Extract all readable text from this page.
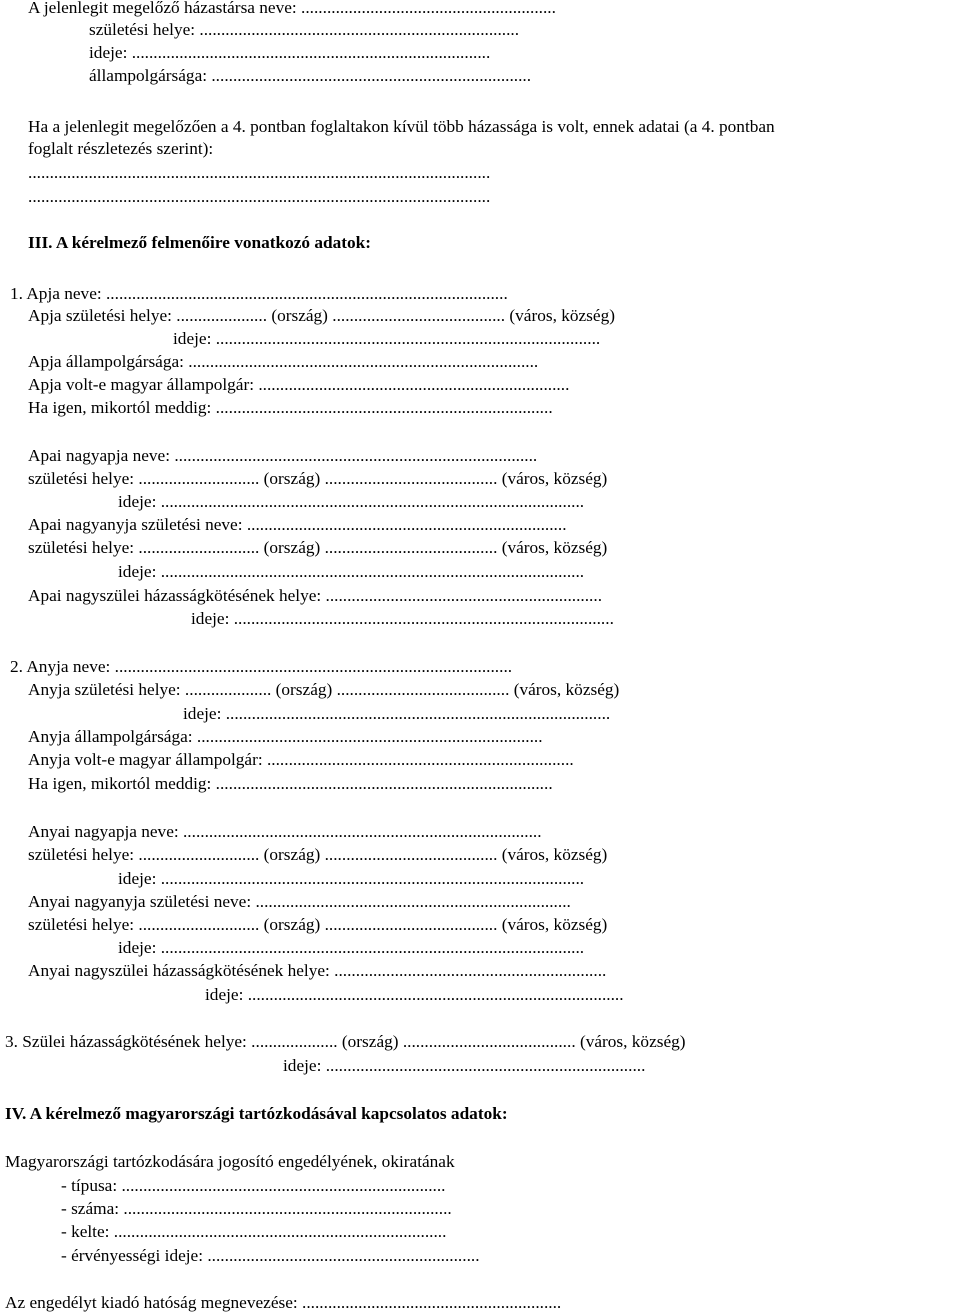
A jelenlegit megelőző házastársa neve: ...........................................................
születési helye: ..........................................................................
ideje: ...................................................................................
állampolgársága: ..........................................................................
Ha a jelenlegit megelőzően a 4. pontban foglaltakon kívül több házassága is volt, ennek adatai (a 4. pontban
foglalt részletezés szerint):
...........................................................................................................
...........................................................................................................
III. A kérelmező felmenőire vonatkozó adatok:
1. Apja neve: .............................................................................................
Apja születési helye: ..................... (ország) ........................................ (város, község)
ideje: .........................................................................................
Apja állampolgársága: .................................................................................
Apja volt-e magyar állampolgár: ........................................................................
Ha igen, mikortól meddig: ..............................................................................
Apai nagyapja neve: ....................................................................................
születési helye: ............................ (ország) ........................................ (város, község)
ideje: ..................................................................................................
Apai nagyanyja születési neve: ..........................................................................
születési helye: ............................ (ország) ........................................ (város, község)
ideje: ..................................................................................................
Apai nagyszülei házasságkötésének helye: ................................................................
ideje: ........................................................................................
2. Anyja neve: ............................................................................................
Anyja születési helye: .................... (ország) ........................................ (város, község)
ideje: .........................................................................................
Anyja állampolgársága: ................................................................................
Anyja volt-e magyar állampolgár: .......................................................................
Ha igen, mikortól meddig: ..............................................................................
Anyai nagyapja neve: ...................................................................................
születési helye: ............................ (ország) ........................................ (város, község)
ideje: ..................................................................................................
Anyai nagyanyja születési neve: .........................................................................
születési helye: ............................ (ország) ........................................ (város, község)
ideje: ..................................................................................................
Anyai nagyszülei házasságkötésének helye: ...............................................................
ideje: .......................................................................................
3. Szülei házasságkötésének helye: .................... (ország) ........................................ (város, község)
ideje: ..........................................................................
IV. A kérelmező magyarországi tartózkodásával kapcsolatos adatok:
Magyarországi tartózkodására jogosító engedélyének, okiratának
- típusa: ...........................................................................
- száma: ............................................................................
- kelte: .............................................................................
- érvényességi ideje: ...............................................................
Az engedélyt kiadó hatóság megnevezése: ............................................................
